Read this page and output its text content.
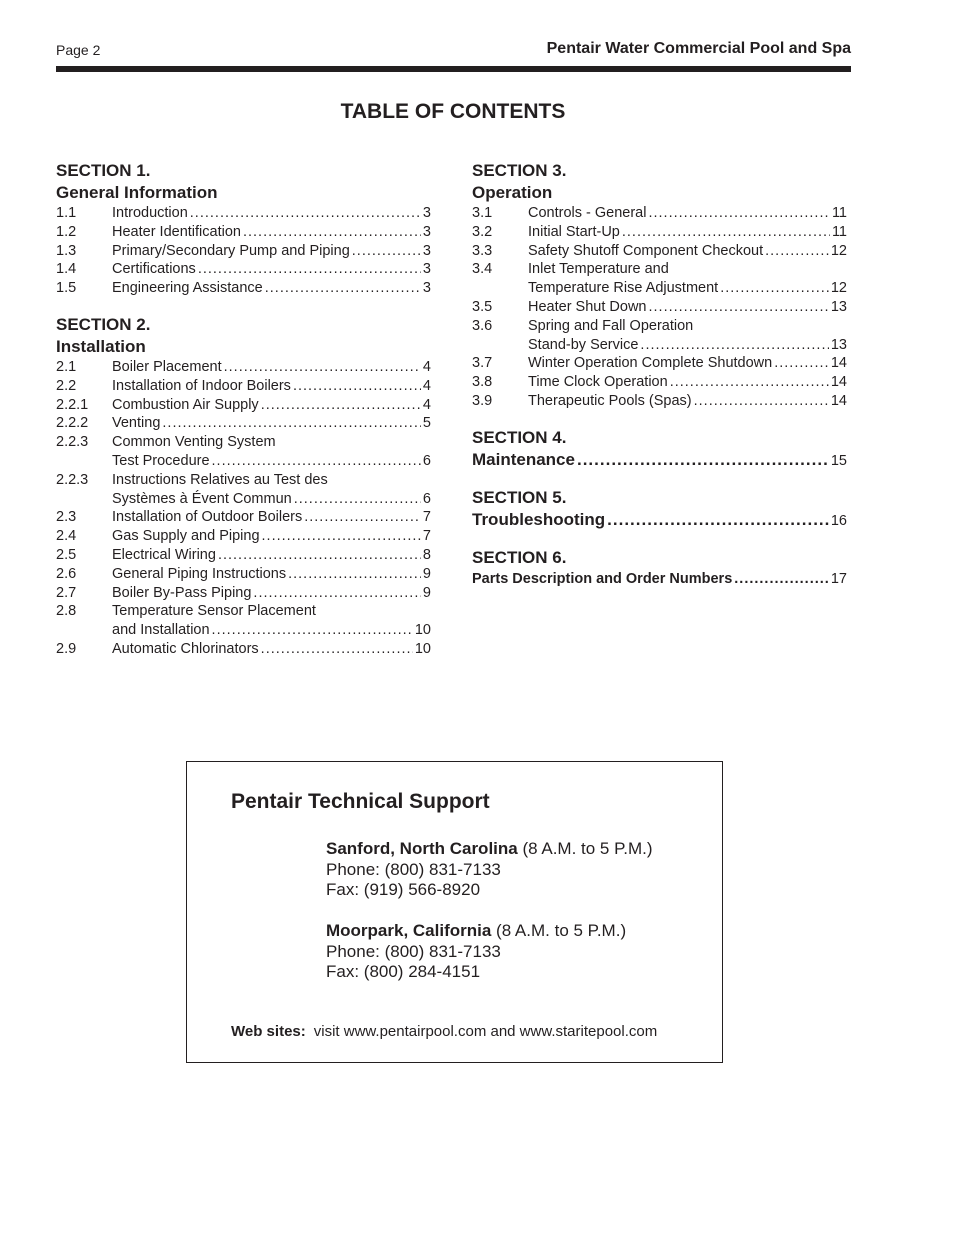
Page 2	Pentair Water Commercial Pool and Spa
TABLE OF CONTENTS
SECTION 1.
General Information
1.1	Introduction .....	3
1.2	Heater Identification .....	3
1.3	Primary/Secondary Pump and Piping .....	3
1.4	Certifications .....	3
1.5	Engineering Assistance .....	3
SECTION 2.
Installation
2.1	Boiler Placement .....	4
2.2	Installation of Indoor Boilers .....	4
2.2.1	Combustion Air Supply .....	4
2.2.2	Venting .....	5
2.2.3	Common Venting System
Test Procedure .....	6
2.2.3	Instructions Relatives au Test des
Systèmes à Évent Commun .....	6
2.3	Installation of Outdoor Boilers .....	7
2.4	Gas Supply and Piping .....	7
2.5	Electrical Wiring .....	8
2.6	General Piping Instructions .....	9
2.7	Boiler By-Pass Piping .....	9
2.8	Temperature Sensor Placement
and Installation .....	10
2.9	Automatic Chlorinators .....	10
SECTION 3.
Operation
3.1	Controls - General .....	11
3.2	Initial Start-Up .....	11
3.3	Safety Shutoff Component Checkout .....	12
3.4	Inlet Temperature and
Temperature Rise Adjustment .....	12
3.5	Heater Shut Down .....	13
3.6	Spring and Fall Operation
Stand-by Service .....	13
3.7	Winter Operation Complete Shutdown .....	14
3.8	Time Clock Operation .....	14
3.9	Therapeutic Pools (Spas) .....	14
SECTION 4.
Maintenance .....	15
SECTION 5.
Troubleshooting .....	16
SECTION 6.
Parts Description and Order Numbers .....	17
Pentair Technical Support
Sanford, North Carolina (8 A.M. to 5 P.M.)
Phone: (800) 831-7133
Fax: (919) 566-8920
Moorpark, California (8 A.M. to 5 P.M.)
Phone: (800) 831-7133
Fax: (800) 284-4151
Web sites: visit www.pentairpool.com and www.staritepool.com
